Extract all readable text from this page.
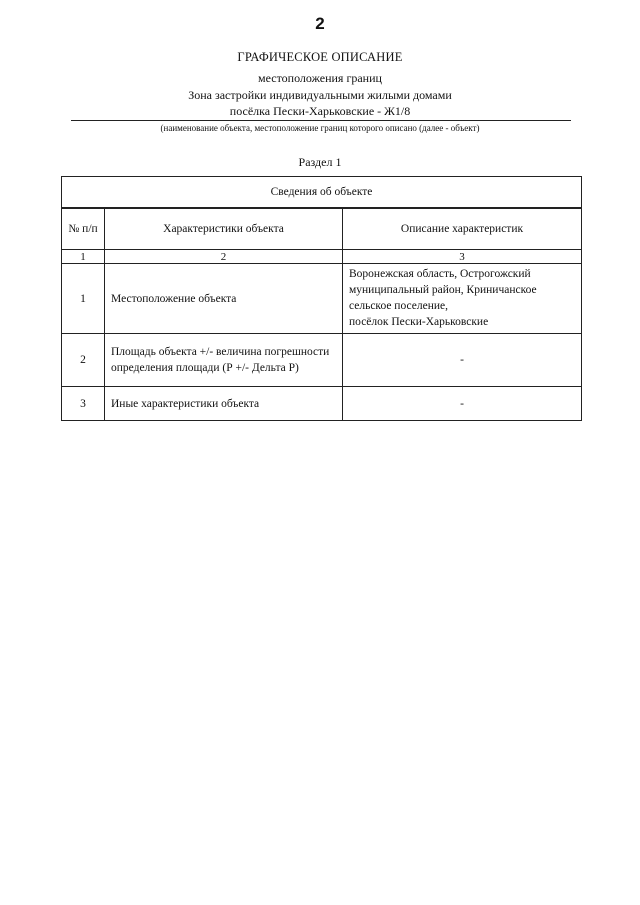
2
ГРАФИЧЕСКОЕ ОПИСАНИЕ
местоположения границ
Зона застройки индивидуальными жилыми домами
посёлка Пески-Харьковские - Ж1/8
(наименование объекта, местоположение границ которого описано (далее - объект)
Раздел 1
Сведения об объекте		
№ п/п	Характеристики объекта	Описание характеристик
1	2	3
1	Местоположение объекта	Воронежская область, Острогожский
муниципальный район, Криничанское
сельское поселение,
посёлок Пески-Харьковские

2	Площадь объекта +/- величина погрешности определения площади (Р +/- Дельта Р)	-
3	Иные характеристики объекта	-
